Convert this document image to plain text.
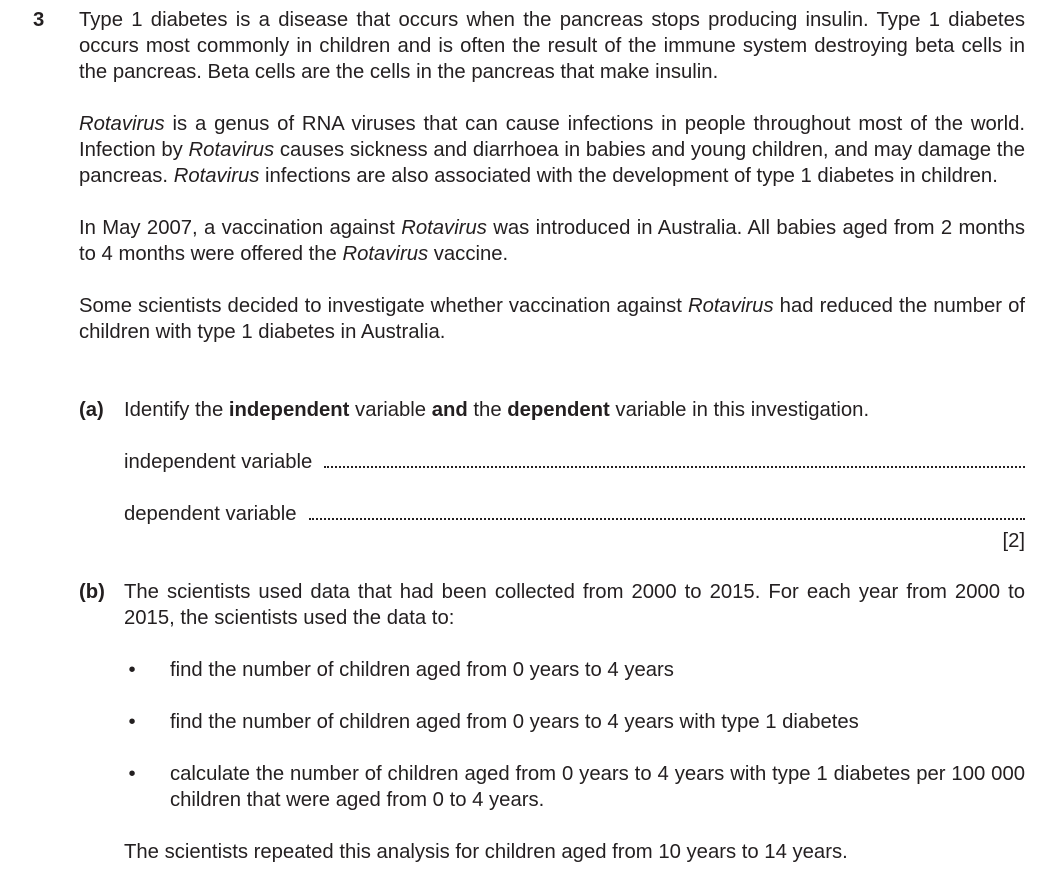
3 Type 1 diabetes is a disease that occurs when the pancreas stops producing insulin. Type 1 diabetes occurs most commonly in children and is often the result of the immune system destroying beta cells in the pancreas. Beta cells are the cells in the pancreas that make insulin.

Rotavirus is a genus of RNA viruses that can cause infections in people throughout most of the world. Infection by Rotavirus causes sickness and diarrhoea in babies and young children, and may damage the pancreas. Rotavirus infections are also associated with the development of type 1 diabetes in children.

In May 2007, a vaccination against Rotavirus was introduced in Australia. All babies aged from 2 months to 4 months were offered the Rotavirus vaccine.

Some scientists decided to investigate whether vaccination against Rotavirus had reduced the number of children with type 1 diabetes in Australia.

(a) Identify the independent variable and the dependent variable in this investigation.
independent variable
dependent variable
[2]
(b) The scientists used data that had been collected from 2000 to 2015. For each year from 2000 to 2015, the scientists used the data to:
• find the number of children aged from 0 years to 4 years
• find the number of children aged from 0 years to 4 years with type 1 diabetes
• calculate the number of children aged from 0 years to 4 years with type 1 diabetes per 100 000 children that were aged from 0 to 4 years.
The scientists repeated this analysis for children aged from 10 years to 14 years.
